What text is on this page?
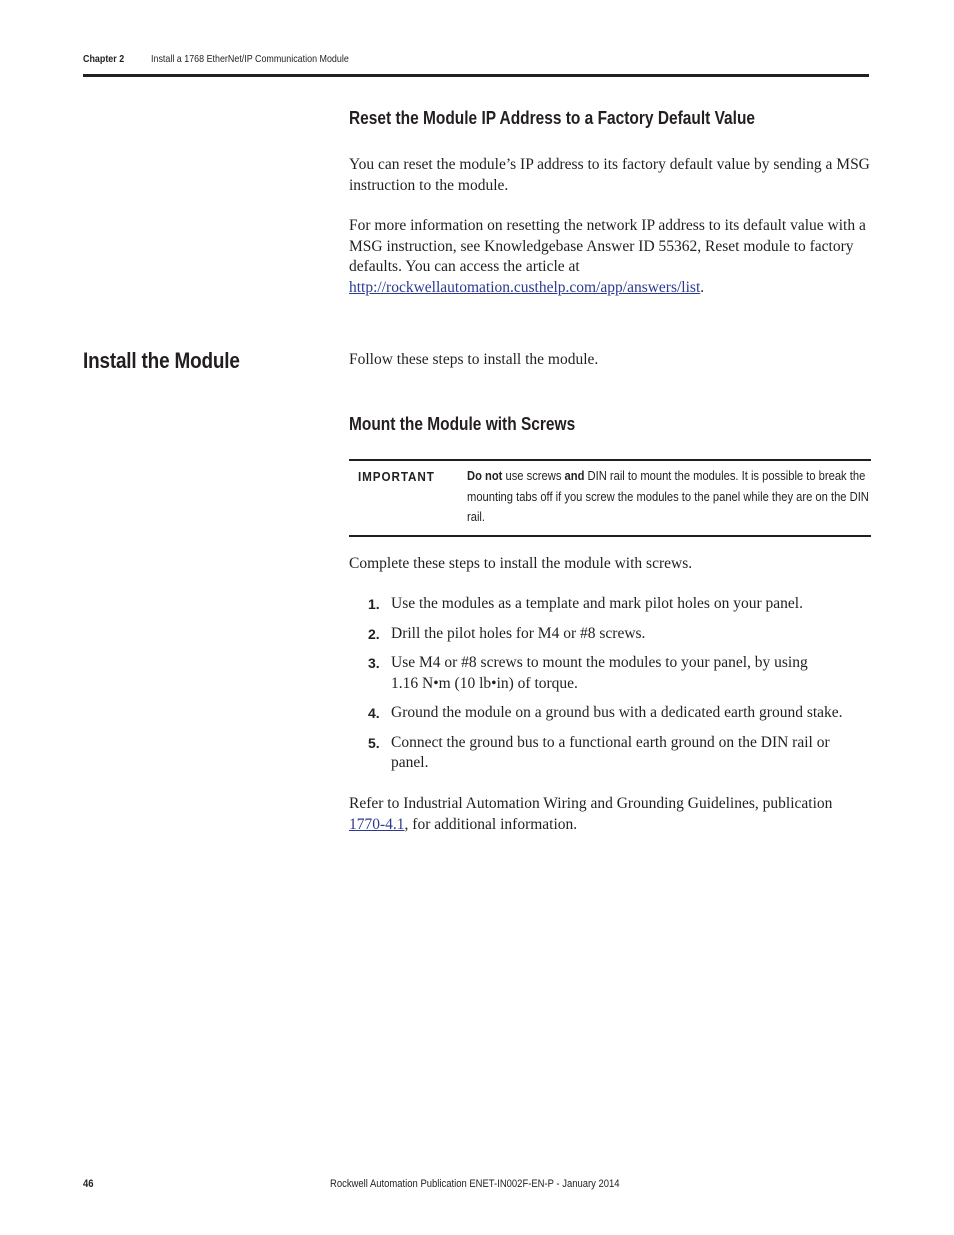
Chapter 2	Install a 1768 EtherNet/IP Communication Module
Reset the Module IP Address to a Factory Default Value

You can reset the module’s IP address to its factory default value by sending a MSG instruction to the module.

For more information on resetting the network IP address to its default value with a MSG instruction, see Knowledgebase Answer ID 55362, Reset module to factory defaults. You can access the article at http://rockwellautomation.custhelp.com/app/answers/list.

Install the Module	Follow these steps to install the module.

Mount the Module with Screws
IMPORTANT Do not use screws and DIN rail to mount the modules. It is possible to break the mounting tabs off if you screw the modules to the panel while they are on the DIN rail.

Complete these steps to install the module with screws.

1. Use the modules as a template and mark pilot holes on your panel.
2. Drill the pilot holes for M4 or #8 screws.
3. Use M4 or #8 screws to mount the modules to your panel, by using 1.16 N•m (10 lb•in) of torque.
4. Ground the module on a ground bus with a dedicated earth ground stake.
5. Connect the ground bus to a functional earth ground on the DIN rail or panel.

Refer to Industrial Automation Wiring and Grounding Guidelines, publication 1770-4.1, for additional information.

46	Rockwell Automation Publication ENET-IN002F-EN-P - January 2014
